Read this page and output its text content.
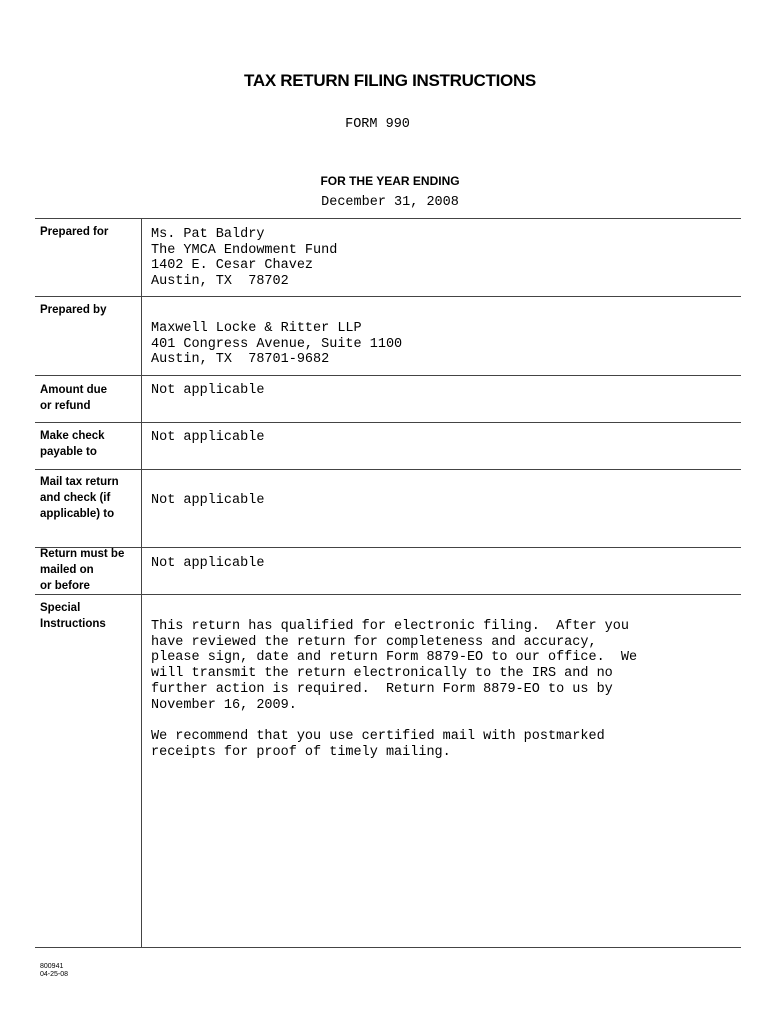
TAX RETURN FILING INSTRUCTIONS
FORM 990
FOR THE YEAR ENDING
December 31, 2008
Prepared for	Ms. Pat Baldry
The YMCA Endowment Fund
1402 E. Cesar Chavez
Austin, TX  78702
Prepared by
Maxwell Locke & Ritter LLP
401 Congress Avenue, Suite 1100
Austin, TX  78701-9682
Amount due
or refund
Not applicable
Make check
payable to
Not applicable
Mail tax return
and check (if
applicable) to
Not applicable
Return must be
mailed on
or before
Not applicable
Special
Instructions	This return has qualified for electronic filing.  After you
have reviewed the return for completeness and accuracy,
please sign, date and return Form 8879-EO to our office.  We
will transmit the return electronically to the IRS and no
further action is required.  Return Form 8879-EO to us by
November 16, 2009.
We recommend that you use certified mail with postmarked
receipts for proof of timely mailing.
800941
04-25-08
